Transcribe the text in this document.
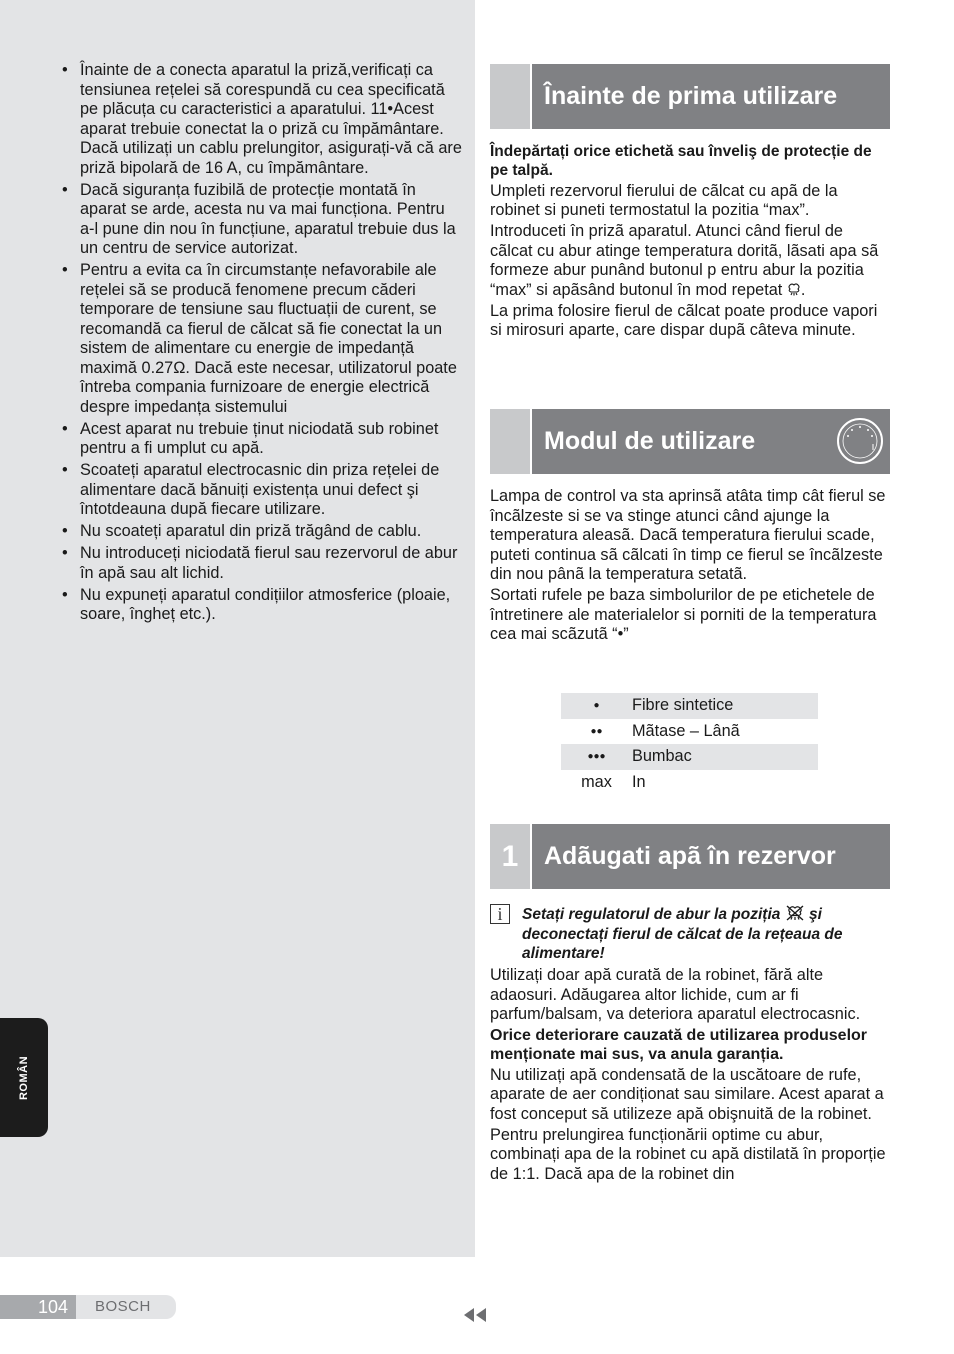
• Înainte de a conecta aparatul la priză,verificați ca tensiunea rețelei să corespundă cu cea specificată pe plăcuța cu caracteristici a aparatului. 11•Acest aparat trebuie conectat la o priză cu împământare. Dacă utilizați un cablu prelungitor, asigurați-vă că are priză bipolară de 16 A, cu împământare.
• Dacă siguranța fuzibilă de protecție montată în aparat se arde, acesta nu va mai funcționa. Pentru a-l pune din nou în funcțiune, aparatul trebuie dus la un centru de service autorizat.
• Pentru a evita ca în circumstanțe nefavorabile ale rețelei să se producă fenomene precum căderi temporare de tensiune sau fluctuații de curent, se recomandă ca fierul de călcat să fie conectat la un sistem de alimentare cu energie de impedanță maximă 0.27Ω. Dacă este necesar, utilizatorul poate întreba compania furnizoare de energie electrică despre impedanța sistemului
• Acest aparat nu trebuie ținut niciodată sub robinet pentru a fi umplut cu apă.
• Scoateți aparatul electrocasnic din priza rețelei de alimentare dacă bănuiți existența unui defect şi întotdeauna după fiecare utilizare.
• Nu scoateți aparatul din priză trăgând de cablu.
• Nu introduceți niciodată fierul sau rezervorul de abur în apă sau alt lichid.
• Nu expuneți aparatul condițiilor atmosferice (ploaie, soare, îngheț etc.).
ROMÂN
Înainte de prima utilizare

Îndepărtați orice etichetă sau înveliş de protecție de pe talpă.

Umpleti rezervorul fierului de cãlcat cu apã de la robinet si puneti termostatul la pozitia “max”.

Introduceti în prizã aparatul. Atunci când fierul de cãlcat cu abur atinge temperatura doritã, lãsati apa sã formeze abur punând butonul p entru abur la pozitia “max” si apãsând butonul în mod repetat .

La prima folosire fierul de cãlcat poate produce vapori si mirosuri aparte, care dispar dupã câteva minute.

Modul de utilizare

Lampa de control va sta aprinsã atâta timp cât fierul se încãlzeste si se va stinge atunci când ajunge la temperatura aleasã. Dacã temperatura fierului scade, puteti continua sã cãlcati în timp ce fierul se încãlzeste din nou pânã la temperatura setatã.

Sortati rufele pe baza simbolurilor de pe etichetele de întretinere ale materialelor si porniti de la temperatura cea mai scãzutã “•”

●	Fibre sintetice
●●	Mãtase – Lânã
●●●	Bumbac
max	In
1	Adãugati apã în rezervor
i	Setați regulatorul de abur la poziția  şi deconectați fierul de călcat de la rețeaua de alimentare!

Utilizați doar apă curată de la robinet, fără alte adaosuri. Adăugarea altor lichide, cum ar fi parfum/balsam, va deteriora aparatul electrocasnic.

Orice deteriorare cauzată de utilizarea produselor menționate mai sus, va anula garanția.

Nu utilizați apă condensată de la uscătoare de rufe, aparate de aer condiționat sau similare. Acest aparat a fost conceput să utilizeze apă obişnuită de la robinet.

Pentru prelungirea funcționării optime cu abur, combinați apa de la robinet cu apă distilată în proporție de 1:1. Dacă apa de la robinet din

104 BOSCH
